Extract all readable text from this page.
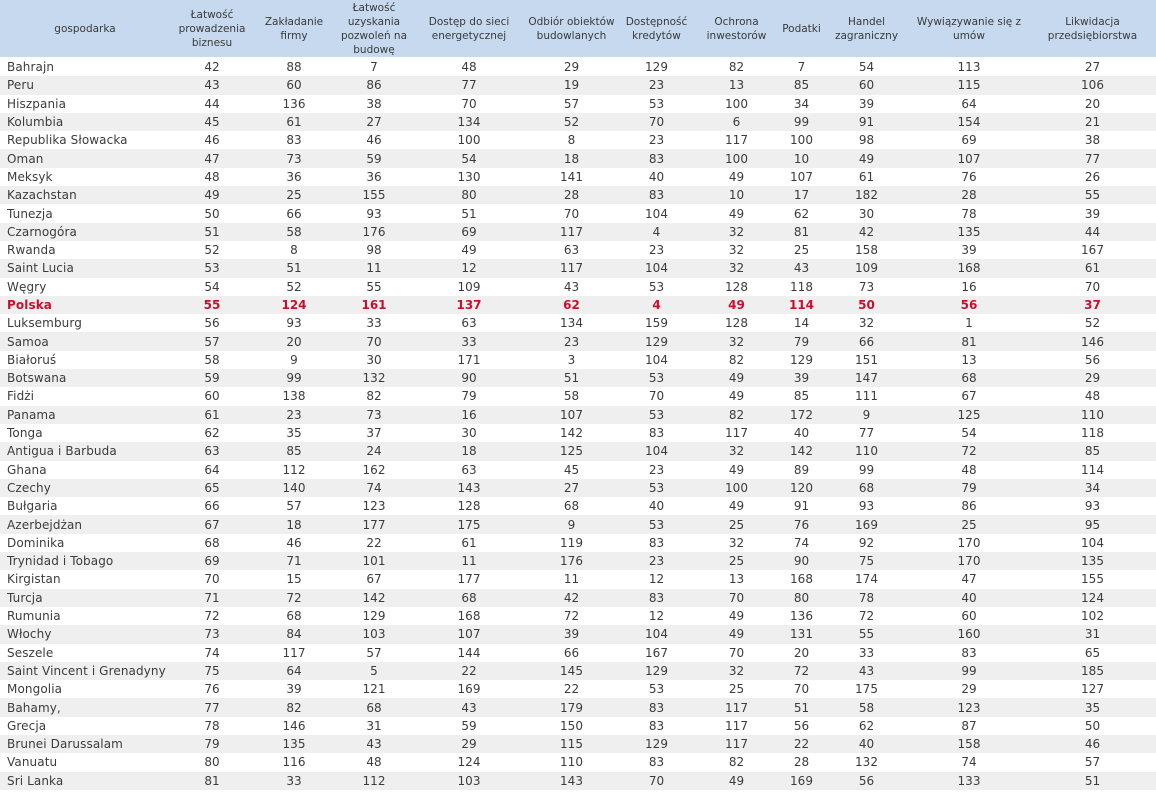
gospodarka	Łatwość prowadzenia biznesu	Zakładanie firmy	Łatwość uzyskania pozwoleń na budowę	Dostęp do sieci energetycznej	Odbiór obiektów budowlanych	Dostępność kredytów	Ochrona inwestorów	Podatki	Handel zagraniczny	Wywiązywanie się z umów	Likwidacja przedsiębiorstwa
Bahrajn	42	88	7	48	29	129	82	7	54	113	27
Peru	43	60	86	77	19	23	13	85	60	115	106
Hiszpania	44	136	38	70	57	53	100	34	39	64	20
Kolumbia	45	61	27	134	52	70	6	99	91	154	21
Republika Słowacka	46	83	46	100	8	23	117	100	98	69	38
Oman	47	73	59	54	18	83	100	10	49	107	77
Meksyk	48	36	36	130	141	40	49	107	61	76	26
Kazachstan	49	25	155	80	28	83	10	17	182	28	55
Tunezja	50	66	93	51	70	104	49	62	30	78	39
Czarnogóra	51	58	176	69	117	4	32	81	42	135	44
Rwanda	52	8	98	49	63	23	32	25	158	39	167
Saint Lucia	53	51	11	12	117	104	32	43	109	168	61
Węgry	54	52	55	109	43	53	128	118	73	16	70
Polska	55	124	161	137	62	4	49	114	50	56	37
Luksemburg	56	93	33	63	134	159	128	14	32	1	52
Samoa	57	20	70	33	23	129	32	79	66	81	146
Białoruś	58	9	30	171	3	104	82	129	151	13	56
Botswana	59	99	132	90	51	53	49	39	147	68	29
Fidżi	60	138	82	79	58	70	49	85	111	67	48
Panama	61	23	73	16	107	53	82	172	9	125	110
Tonga	62	35	37	30	142	83	117	40	77	54	118
Antigua i Barbuda	63	85	24	18	125	104	32	142	110	72	85
Ghana	64	112	162	63	45	23	49	89	99	48	114
Czechy	65	140	74	143	27	53	100	120	68	79	34
Bułgaria	66	57	123	128	68	40	49	91	93	86	93
Azerbejdżan	67	18	177	175	9	53	25	76	169	25	95
Dominika	68	46	22	61	119	83	32	74	92	170	104
Trynidad i Tobago	69	71	101	11	176	23	25	90	75	170	135
Kirgistan	70	15	67	177	11	12	13	168	174	47	155
Turcja	71	72	142	68	42	83	70	80	78	40	124
Rumunia	72	68	129	168	72	12	49	136	72	60	102
Włochy	73	84	103	107	39	104	49	131	55	160	31
Seszele	74	117	57	144	66	167	70	20	33	83	65
Saint Vincent i Grenadyny	75	64	5	22	145	129	32	72	43	99	185
Mongolia	76	39	121	169	22	53	25	70	175	29	127
Bahamy,	77	82	68	43	179	83	117	51	58	123	35
Grecja	78	146	31	59	150	83	117	56	62	87	50
Brunei Darussalam	79	135	43	29	115	129	117	22	40	158	46
Vanuatu	80	116	48	124	110	83	82	28	132	74	57
Sri Lanka	81	33	112	103	143	70	49	169	56	133	51
